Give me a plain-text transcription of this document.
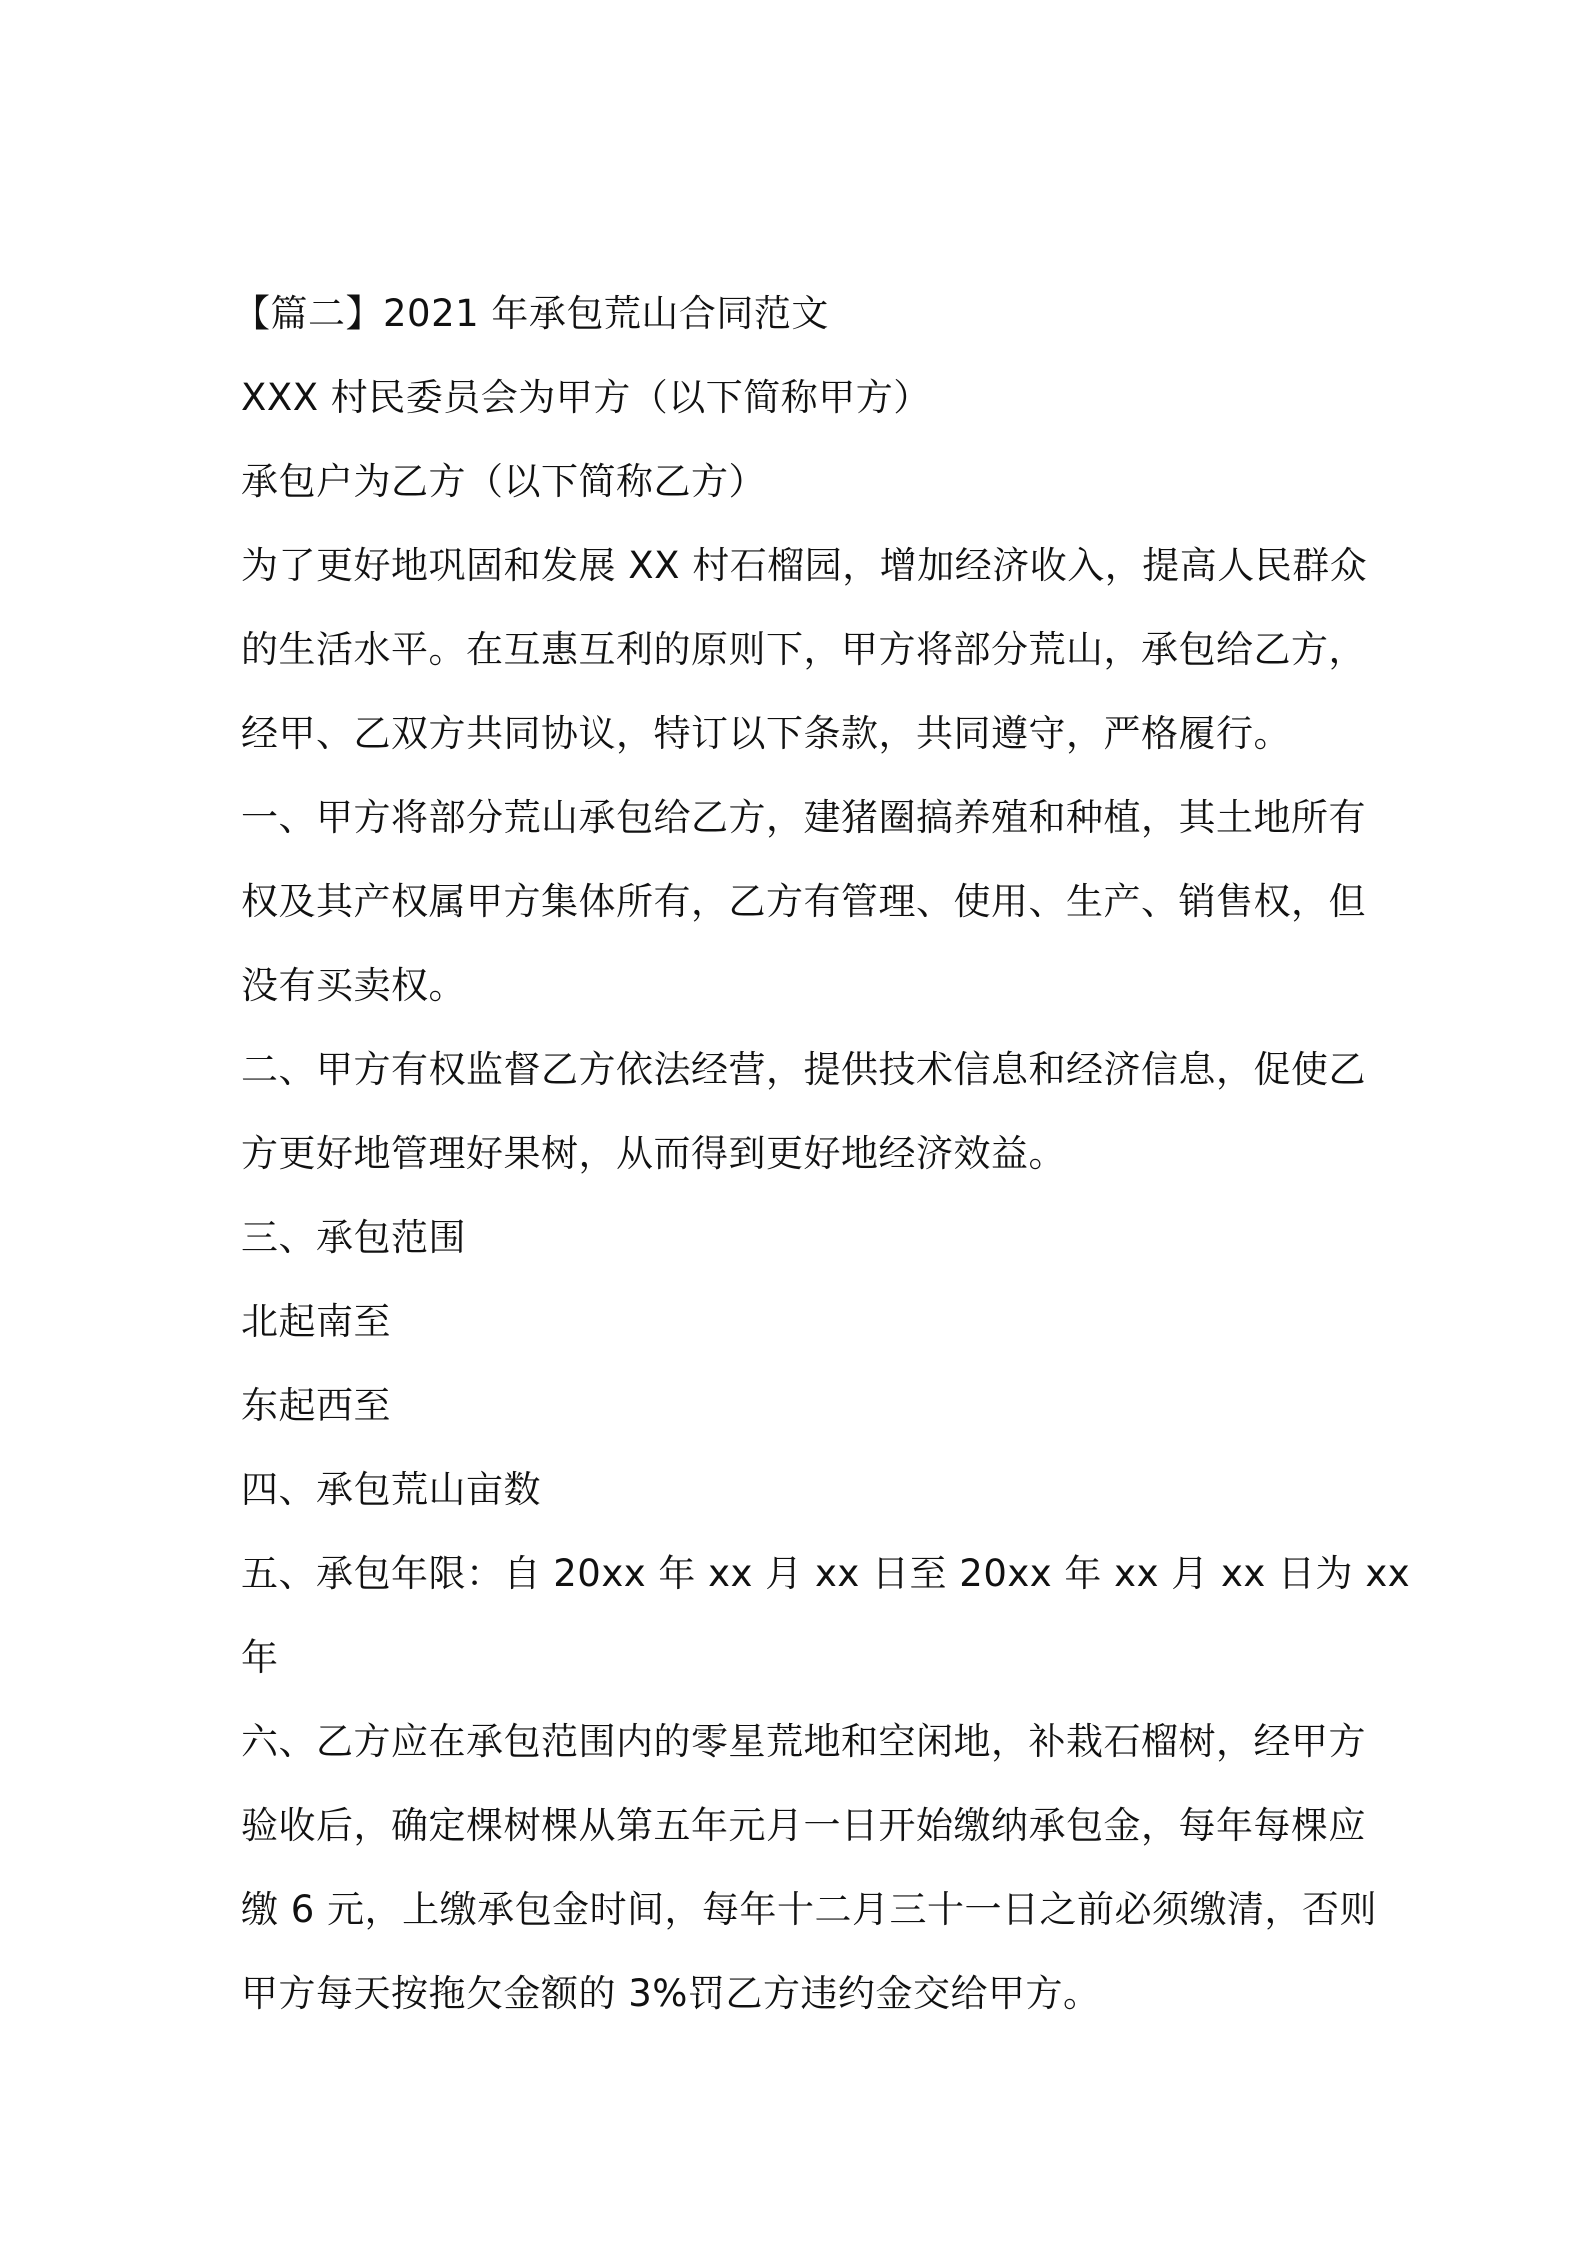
【篇二】2021 年承包荒山合同范文
XXX 村民委员会为甲方（以下简称甲方）
承包户为乙方（以下简称乙方）
为了更好地巩固和发展 XX 村石榴园，增加经济收入，提高人民群众
的生活水平。在互惠互利的原则下，甲方将部分荒山，承包给乙方，
经甲、乙双方共同协议，特订以下条款，共同遵守，严格履行。
一、甲方将部分荒山承包给乙方，建猪圈搞养殖和种植，其土地所有
权及其产权属甲方集体所有，乙方有管理、使用、生产、销售权，但
没有买卖权。
二、甲方有权监督乙方依法经营，提供技术信息和经济信息，促使乙
方更好地管理好果树，从而得到更好地经济效益。
三、承包范围
北起南至
东起西至
四、承包荒山亩数
五、承包年限：自 20xx 年 xx 月 xx 日至 20xx 年 xx 月 xx 日为 xx
年
六、乙方应在承包范围内的零星荒地和空闲地，补栽石榴树，经甲方
验收后，确定棵树棵从第五年元月一日开始缴纳承包金，每年每棵应
缴 6 元，上缴承包金时间，每年十二月三十一日之前必须缴清，否则
甲方每天按拖欠金额的 3%罚乙方违约金交给甲方。
